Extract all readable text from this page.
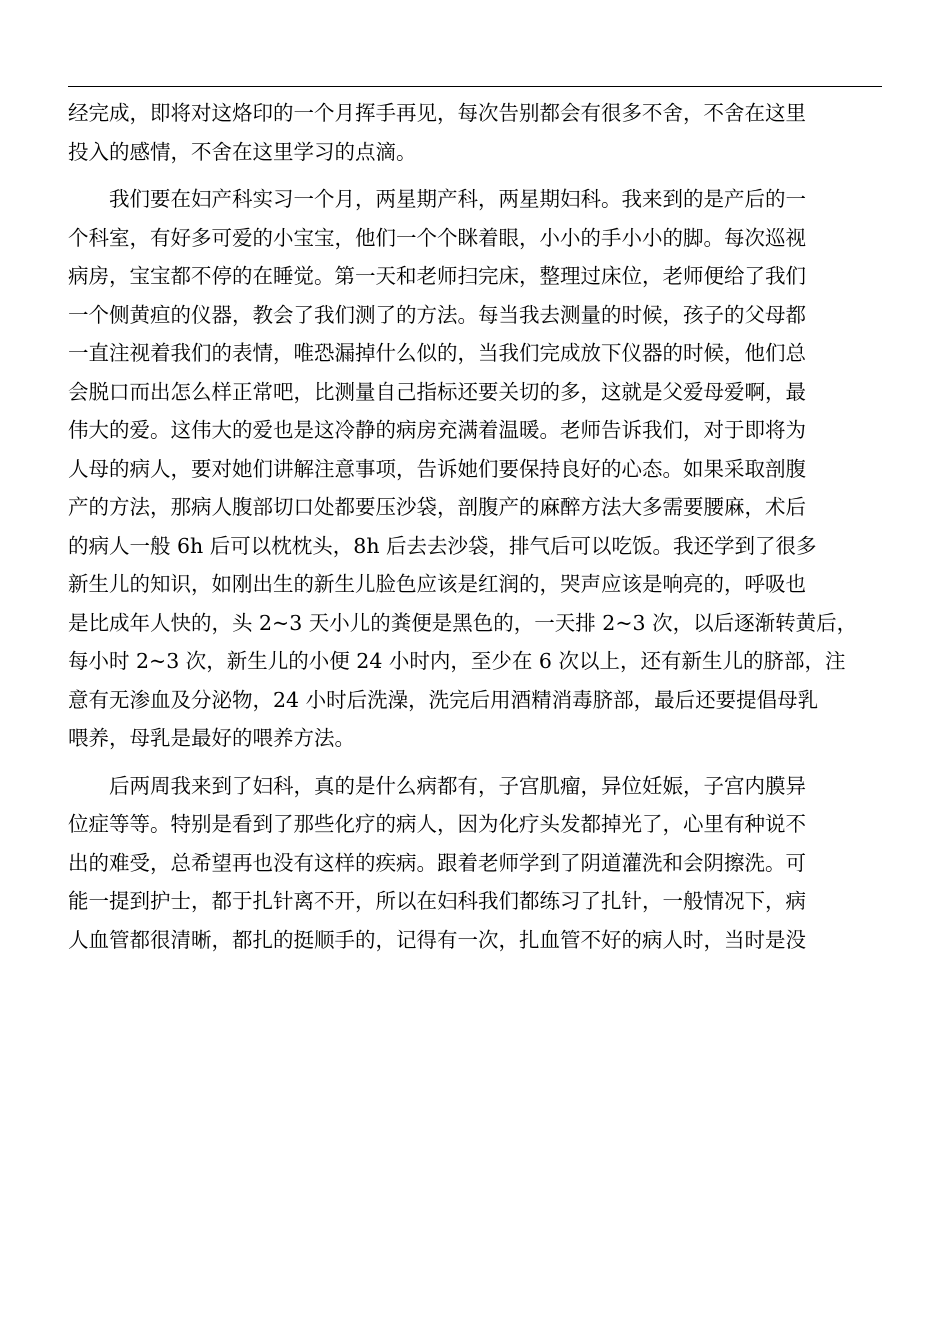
经完成，即将对这烙印的一个月挥手再见，每次告别都会有很多不舍，不舍在这里
投入的感情，不舍在这里学习的点滴。
　　我们要在妇产科实习一个月，两星期产科，两星期妇科。我来到的是产后的一
个科室，有好多可爱的小宝宝，他们一个个眯着眼，小小的手小小的脚。每次巡视
病房，宝宝都不停的在睡觉。第一天和老师扫完床，整理过床位，老师便给了我们
一个侧黄疸的仪器，教会了我们测了的方法。每当我去测量的时候，孩子的父母都
一直注视着我们的表情，唯恐漏掉什么似的，当我们完成放下仪器的时候，他们总
会脱口而出怎么样正常吧，比测量自己指标还要关切的多，这就是父爱母爱啊，最
伟大的爱。这伟大的爱也是这冷静的病房充满着温暖。老师告诉我们，对于即将为
人母的病人，要对她们讲解注意事项，告诉她们要保持良好的心态。如果采取剖腹
产的方法，那病人腹部切口处都要压沙袋，剖腹产的麻醉方法大多需要腰麻，术后
的病人一般 6h 后可以枕枕头，8h 后去去沙袋，排气后可以吃饭。我还学到了很多
新生儿的知识，如刚出生的新生儿脸色应该是红润的，哭声应该是响亮的，呼吸也
是比成年人快的，头 2~3 天小儿的粪便是黑色的，一天排 2~3 次，以后逐渐转黄后，
每小时 2~3 次，新生儿的小便 24 小时内，至少在 6 次以上，还有新生儿的脐部，注
意有无渗血及分泌物，24 小时后洗澡，洗完后用酒精消毒脐部，最后还要提倡母乳
喂养，母乳是最好的喂养方法。
　　后两周我来到了妇科，真的是什么病都有，子宫肌瘤，异位妊娠，子宫内膜异
位症等等。特别是看到了那些化疗的病人，因为化疗头发都掉光了，心里有种说不
出的难受，总希望再也没有这样的疾病。跟着老师学到了阴道灌洗和会阴擦洗。可
能一提到护士，都于扎针离不开，所以在妇科我们都练习了扎针，一般情况下，病
人血管都很清晰，都扎的挺顺手的，记得有一次，扎血管不好的病人时，当时是没
